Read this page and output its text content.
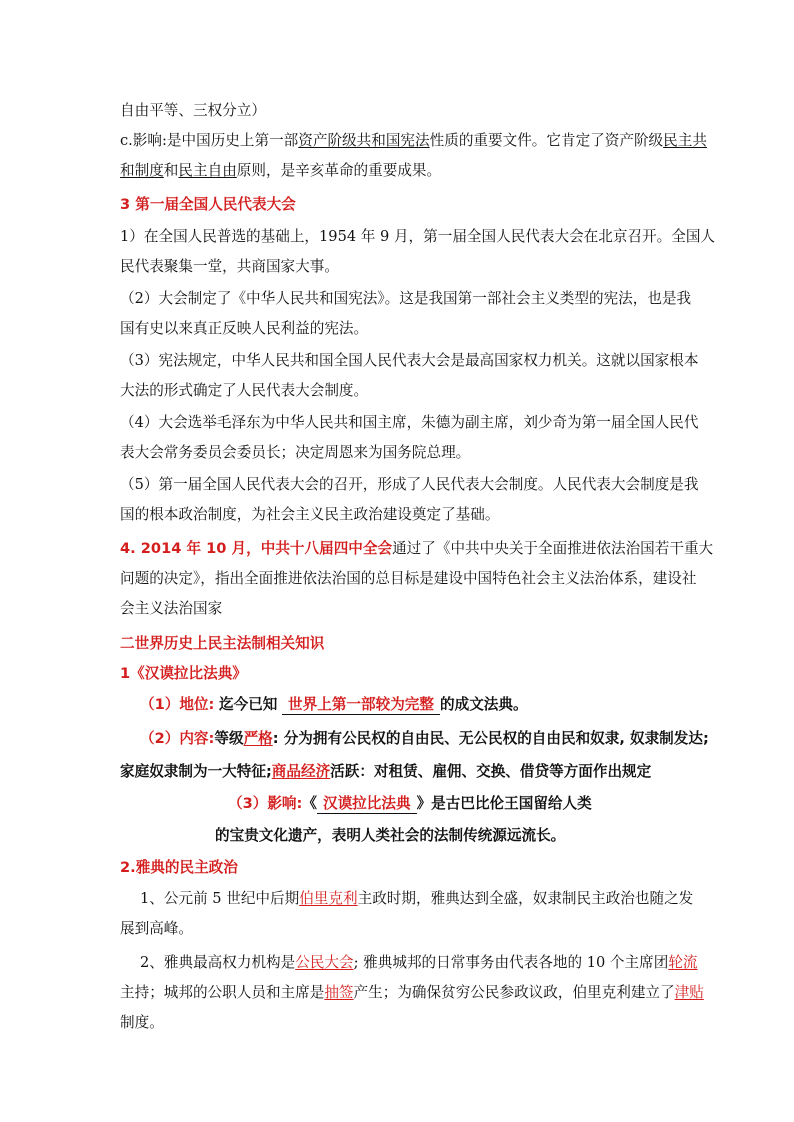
自由平等、三权分立）
c.影响:是中国历史上第一部资产阶级共和国宪法性质的重要文件。它肯定了资产阶级民主共
和制度和民主自由原则，是辛亥革命的重要成果。
3 第一届全国人民代表大会
1）在全国人民普选的基础上，1954 年 9 月，第一届全国人民代表大会在北京召开。全国人
民代表聚集一堂，共商国家大事。
（2）大会制定了《中华人民共和国宪法》。这是我国第一部社会主义类型的宪法，也是我
国有史以来真正反映人民利益的宪法。
（3）宪法规定，中华人民共和国全国人民代表大会是最高国家权力机关。这就以国家根本
大法的形式确定了人民代表大会制度。
（4）大会选举毛泽东为中华人民共和国主席，朱德为副主席，刘少奇为第一届全国人民代
表大会常务委员会委员长；决定周恩来为国务院总理。
（5）第一届全国人民代表大会的召开，形成了人民代表大会制度。人民代表大会制度是我
国的根本政治制度，为社会主义民主政治建设奠定了基础。
4. 2014 年 10 月，中共十八届四中全会通过了《中共中央关于全面推进依法治国若干重大
问题的决定》，指出全面推进依法治国的总目标是建设中国特色社会主义法治体系，建设社
会主义法治国家
二世界历史上民主法制相关知识
1《汉谟拉比法典》
（1）地位: 迄今已知 世界上第一部较为完整 的成文法典。
（2）内容:等级严格: 分为拥有公民权的自由民、无公民权的自由民和奴隶, 奴隶制发达;
家庭奴隶制为一大特征;商品经济活跃：对租赁、雇佣、交换、借贷等方面作出规定
（3）影响:《 汉谟拉比法典 》是古巴比伦王国留给人类
的宝贵文化遗产，表明人类社会的法制传统源远流长。
2.雅典的民主政治
1、公元前 5 世纪中后期伯里克利主政时期，雅典达到全盛，奴隶制民主政治也随之发
展到高峰。
2、雅典最高权力机构是公民大会; 雅典城邦的日常事务由代表各地的 10 个主席团轮流
主持；城邦的公职人员和主席是抽签产生；为确保贫穷公民参政议政，伯里克利建立了津贴
制度。
